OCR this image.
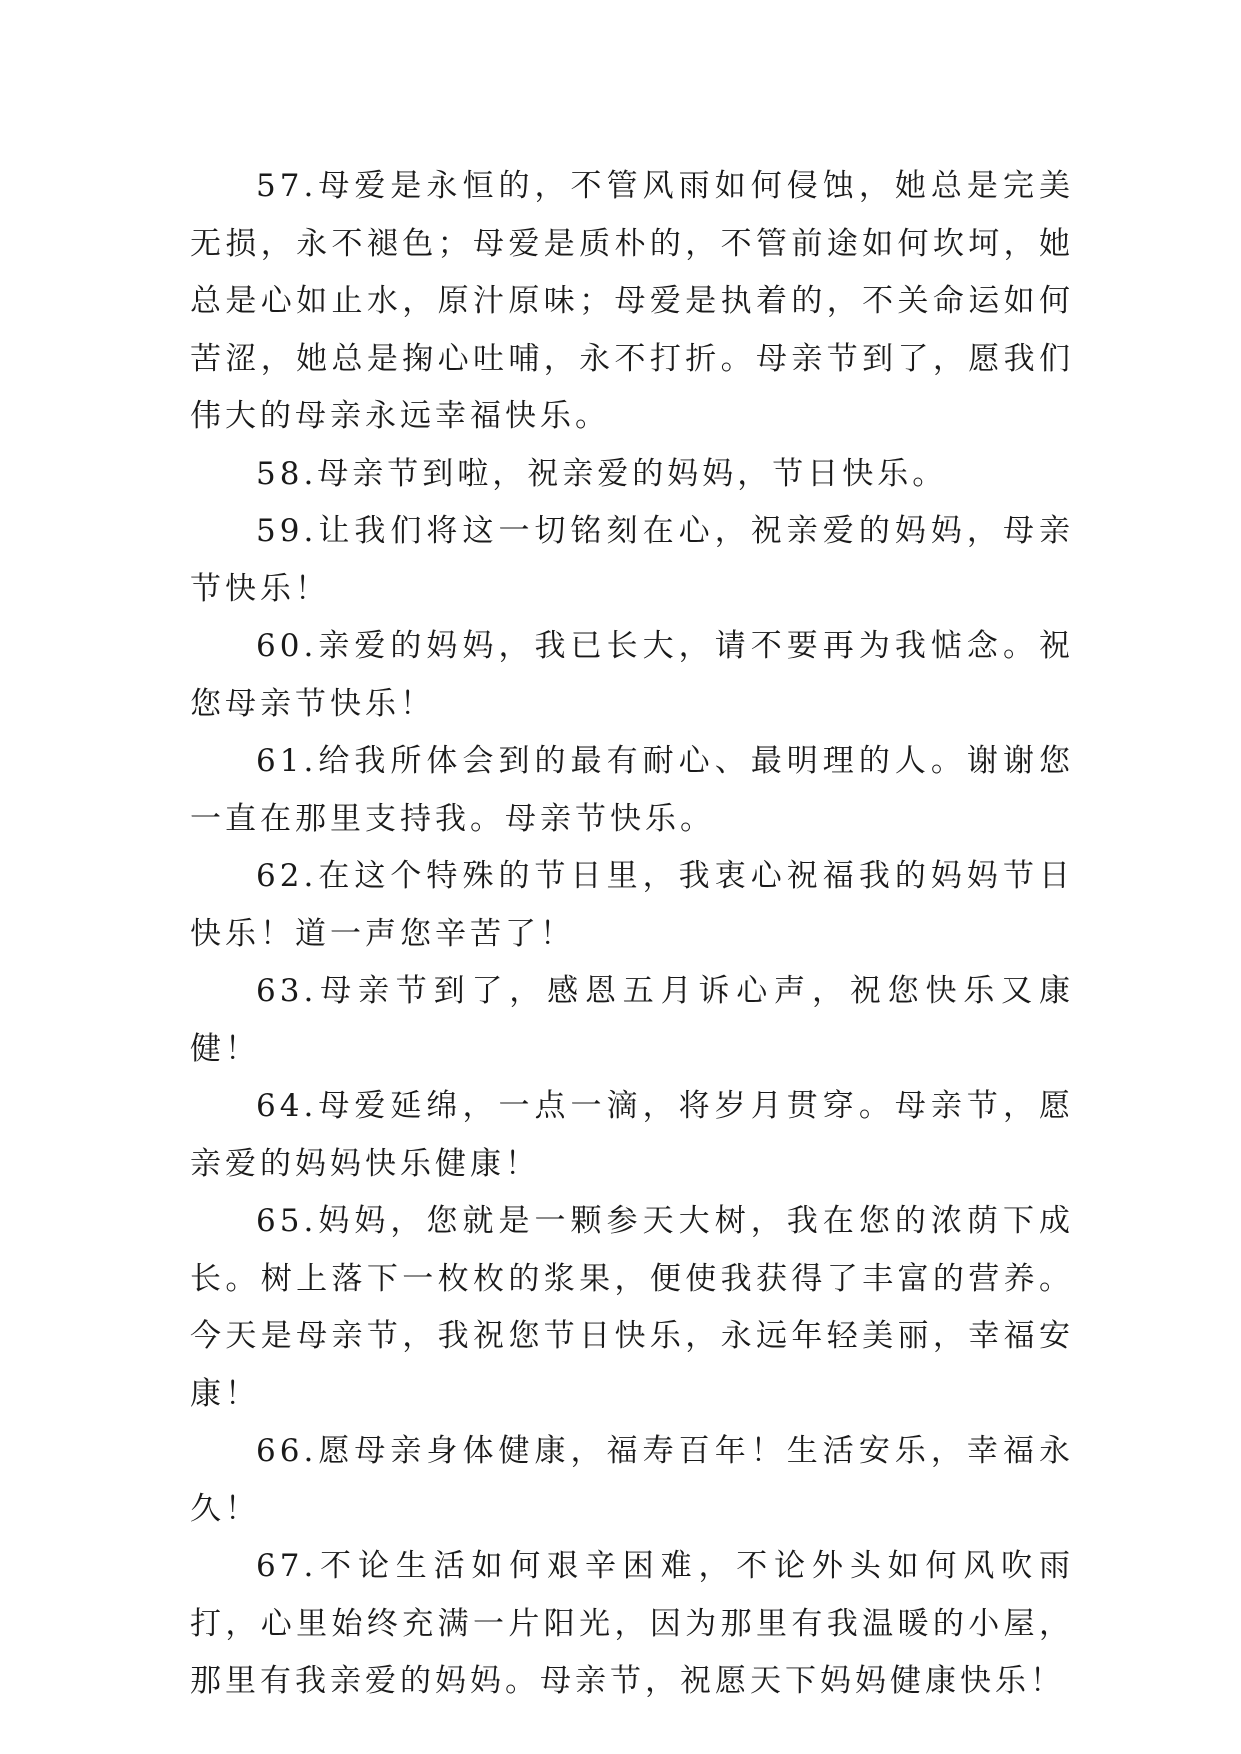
57.母爱是永恒的，不管风雨如何侵蚀，她总是完美无损，永不褪色；母爱是质朴的，不管前途如何坎坷，她总是心如止水，原汁原味；母爱是执着的，不关命运如何苦涩，她总是掬心吐哺，永不打折。母亲节到了，愿我们伟大的母亲永远幸福快乐。

58.母亲节到啦，祝亲爱的妈妈，节日快乐。

59.让我们将这一切铭刻在心，祝亲爱的妈妈，母亲节快乐！

60.亲爱的妈妈，我已长大，请不要再为我惦念。祝您母亲节快乐！

61.给我所体会到的最有耐心、最明理的人。谢谢您一直在那里支持我。母亲节快乐。

62.在这个特殊的节日里，我衷心祝福我的妈妈节日快乐！道一声您辛苦了！

63.母亲节到了，感恩五月诉心声，祝您快乐又康健！

64.母爱延绵，一点一滴，将岁月贯穿。母亲节，愿亲爱的妈妈快乐健康！

65.妈妈，您就是一颗参天大树，我在您的浓荫下成长。树上落下一枚枚的浆果，便使我获得了丰富的营养。今天是母亲节，我祝您节日快乐，永远年轻美丽，幸福安康！

66.愿母亲身体健康，福寿百年！生活安乐，幸福永久！

67.不论生活如何艰辛困难，不论外头如何风吹雨打，心里始终充满一片阳光，因为那里有我温暖的小屋，那里有我亲爱的妈妈。母亲节，祝愿天下妈妈健康快乐！
